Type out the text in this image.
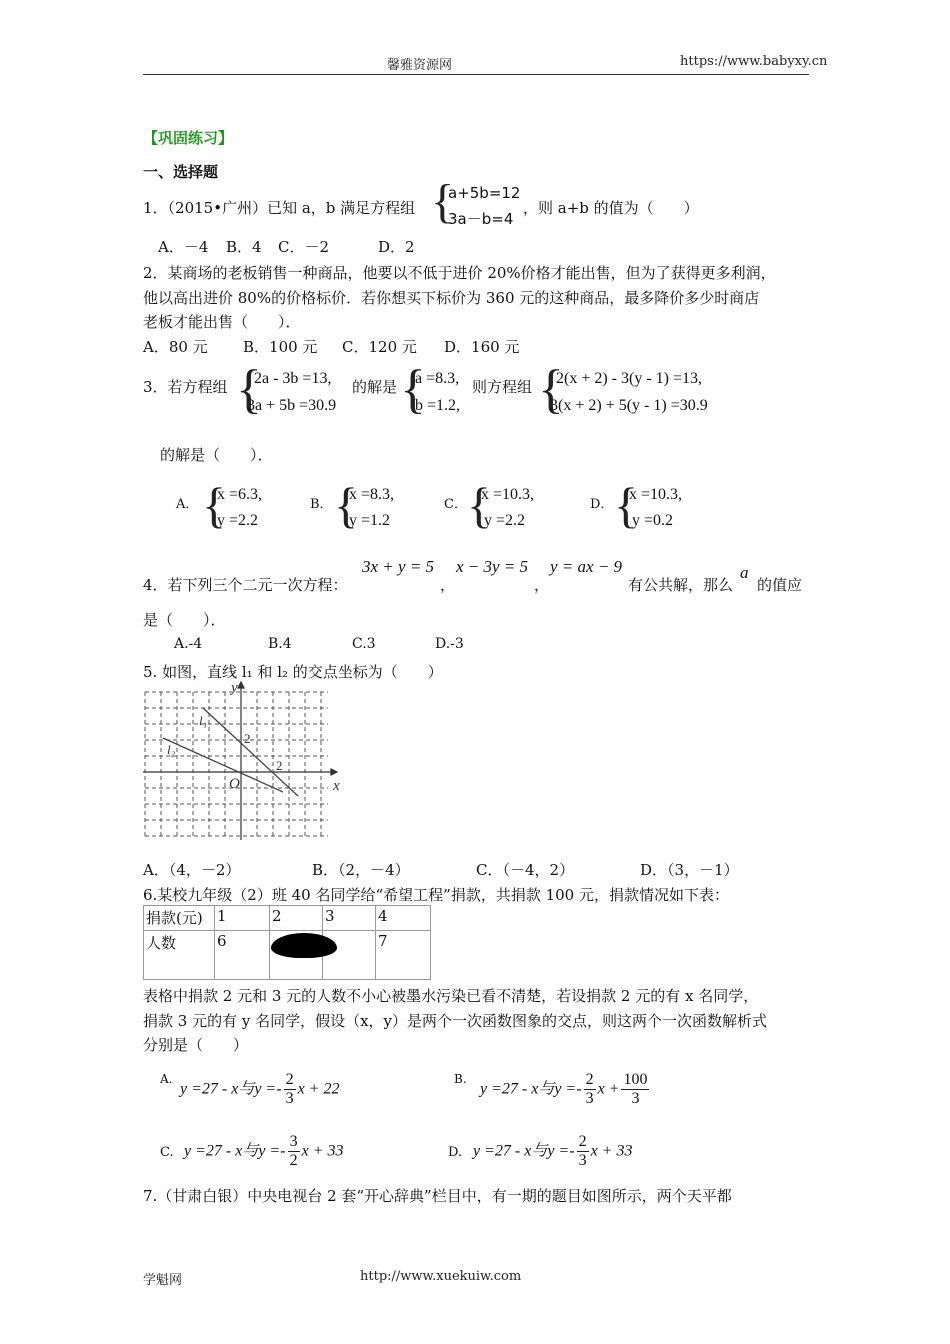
馨雅资源网	https://www.babyxy.cn
【巩固练习】
一、选择题
1．（2015•广州）已知 a，b 满足方程组 {
a+5b=12
3a－b=4
，则 a+b 的值为（　　）
A．－4 B．4 C．－2	D．2
2．某商场的老板销售一种商品，他要以不低于进价 20%价格才能出售，但为了获得更多利润，
他以高出进价 80%的价格标价．若你想买下标价为 360 元的这种商品，最多降价多少时商店
老板才能出售（　　）．
A．80 元 B．100 元 C．120 元 D．160 元
3．若方程组 {
2a - 3b =13,
3a + 5b =30.9
的解是 {
a =8.3,
b =1.2,
则方程组 {
2(x + 2) - 3(y - 1) =13,
3(x + 2) + 5(y - 1) =30.9
的解是（　　）．
A． {
x =6.3,
y =2.2
B． {
x =8.3,
y =1.2
C． {
x =10.3,
y =2.2
D． {
x =10.3,
y =0.2
4．若下列三个二元一次方程：
3x + y = 5
，
x − 3y = 5
，
y = ax − 9
有公共解，那么
a
的值应
是（　　）．
A.-4	B.4	C.3	D.-3
5. 如图，直线 l₁ 和 l₂ 的交点坐标为（　　）
x
y
O
2
2
l₁
l₂
A．（4，－2）	B．（2，－4）	C．（－4，2）	D．（3，－1）
6.某校九年级（2）班 40 名同学给“希望工程”捐款，共捐款 100 元，捐款情况如下表：
捐款(元)	1	2	3	4
人数	6			7
表格中捐款 2 元和 3 元的人数不小心被墨水污染已看不清楚，若设捐款 2 元的有 x 名同学，
捐款 3 元的有 y 名同学，假设（x，y）是两个一次函数图象的交点，则这两个一次函数解析式
分别是（　　）
A.
y =27 - x与$y =- \frac{2}{3}$ x + 22
B.
y =27 - x与$y =- \frac{2}{3}$ $x + \frac{100}{3}$
C. y =27 - x与$y =- \frac{3}{2}$ x + 33	D. y =27 - x与$y =- \frac{2}{3}$ x + 33
7.（甘肃白银）中央电视台 2 套“开心辞典”栏目中，有一期的题目如图所示，两个天平都
学魁网	http://www.xuekuiw.com
